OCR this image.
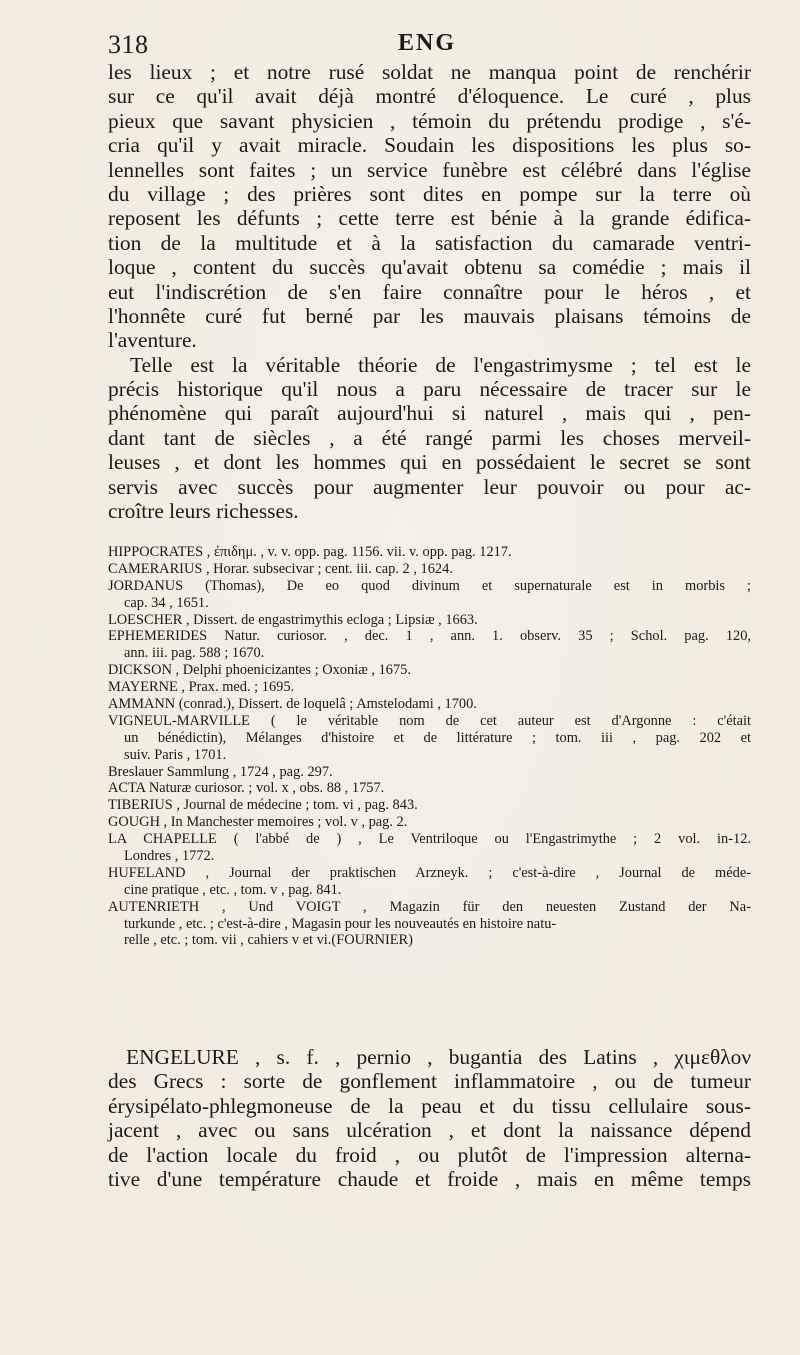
318	ENG
les lieux ; et notre rusé soldat ne manqua point de renchérir
sur ce qu'il avait déjà montré d'éloquence. Le curé , plus
pieux que savant physicien , témoin du prétendu prodige , s'é-
cria qu'il y avait miracle. Soudain les dispositions les plus so-
lennelles sont faites ; un service funèbre est célébré dans l'église
du village ; des prières sont dites en pompe sur la terre où
reposent les défunts ; cette terre est bénie à la grande édifica-
tion de la multitude et à la satisfaction du camarade ventri-
loque , content du succès qu'avait obtenu sa comédie ; mais il
eut l'indiscrétion de s'en faire connaître pour le héros , et
l'honnête curé fut berné par les mauvais plaisans témoins de
l'aventure.
Telle est la véritable théorie de l'engastrimysme ; tel est le
précis historique qu'il nous a paru nécessaire de tracer sur le
phénomène qui paraît aujourd'hui si naturel , mais qui , pen-
dant tant de siècles , a été rangé parmi les choses merveil-
leuses , et dont les hommes qui en possédaient le secret se sont
servis avec succès pour augmenter leur pouvoir ou pour ac-
croître leurs richesses.
HIPPOCRATES , ἐπιδημ. , v. v. opp. pag. 1156. vii. v. opp. pag. 1217.
CAMERARIUS , Horar. subsecivar ; cent. iii. cap. 2 , 1624.
JORDANUS (Thomas), De eo quod divinum et supernaturale est in morbis ;
cap. 34 , 1651.
LOESCHER , Dissert. de engastrimythis ecloga ; Lipsiæ , 1663.
EPHEMERIDES Natur. curiosor. , dec. 1 , ann. 1. observ. 35 ; Schol. pag. 120,
ann. iii. pag. 588 ; 1670.
DICKSON , Delphi phoenicizantes ; Oxoniæ , 1675.
MAYERNE , Prax. med. ; 1695.
AMMANN (conrad.), Dissert. de loquelâ ; Amstelodami , 1700.
VIGNEUL-MARVILLE ( le véritable nom de cet auteur est d'Argonne : c'était
un bénédictin), Mélanges d'histoire et de littérature ; tom. iii , pag. 202 et
suiv. Paris , 1701.
Breslauer Sammlung , 1724 , pag. 297.
ACTA Naturæ curiosor. ; vol. x , obs. 88 , 1757.
TIBERIUS , Journal de médecine ; tom. vi , pag. 843.
GOUGH , In Manchester memoires ; vol. v , pag. 2.
LA CHAPELLE ( l'abbé de ) , Le Ventriloque ou l'Engastrimythe ; 2 vol. in-12.
Londres , 1772.
HUFELAND , Journal der praktischen Arzneyk. ; c'est-à-dire , Journal de méde-
cine pratique , etc. , tom. v , pag. 841.
AUTENRIETH , Und VOIGT , Magazin für den neuesten Zustand der Na-
turkunde , etc. ; c'est-à-dire , Magasin pour les nouveautés en histoire natu-
relle , etc. ; tom. vii , cahiers v et vi.(FOURNIER)
ENGELURE , s. f. , pernio , bugantia des Latins , χιμεθλον
des Grecs : sorte de gonflement inflammatoire , ou de tumeur
érysipélato-phlegmoneuse de la peau et du tissu cellulaire sous-
jacent , avec ou sans ulcération , et dont la naissance dépend
de l'action locale du froid , ou plutôt de l'impression alterna-
tive d'une température chaude et froide , mais en même temps
